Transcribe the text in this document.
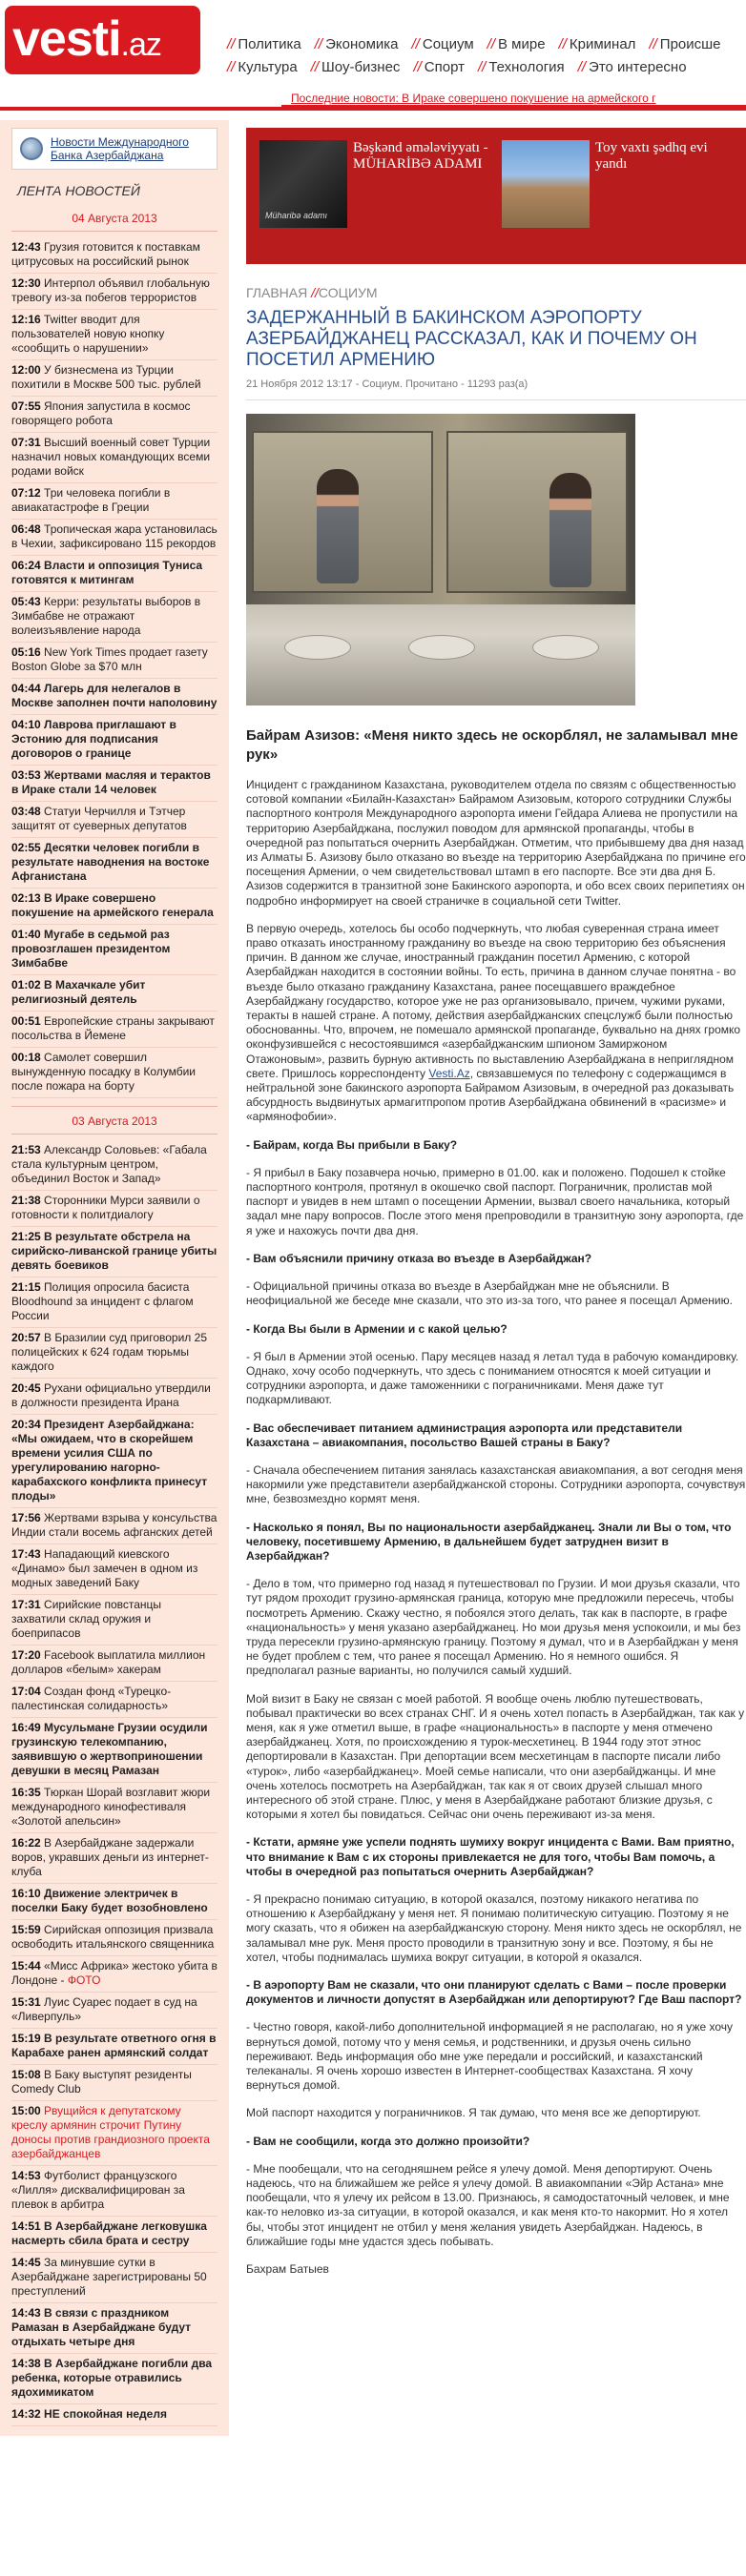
vesti.az	// Политика // Экономика // Социум // В мире // Криминал // Происше
// Культура // Шоу-бизнес // Спорт // Технология // Это интересно
Последние новости: В Ираке совершено покушение на армейского г
Новости Международного Банка Азербайджана
ЛЕНТА НОВОСТЕЙ
04 Августа 2013
12:43 Грузия готовится к поставкам цитрусовых на российский рынок
12:30 Интерпол объявил глобальную тревогу из-за побегов террористов
12:16 Twitter вводит для пользователей новую кнопку «сообщить о нарушении»
12:00 У бизнесмена из Турции похитили в Москве 500 тыс. рублей
07:55 Япония запустила в космос говорящего робота
07:31 Высший военный совет Турции назначил новых командующих всеми родами войск
07:12 Три человека погибли в авиакатастрофе в Греции
06:48 Тропическая жара установилась в Чехии, зафиксировано 115 рекордов
06:24 Власти и оппозиция Туниса готовятся к митингам
05:43 Керри: результаты выборов в Зимбабве не отражают волеизъявление народа
05:16 New York Times продает газету Boston Globe за $70 млн
04:44 Лагерь для нелегалов в Москве заполнен почти наполовину
04:10 Лаврова приглашают в Эстонию для подписания договоров о границе
03:53 Жертвами масляя и терактов в Ираке стали 14 человек
03:48 Статуи Черчилля и Тэтчер защитят от суеверных депутатов
02:55 Десятки человек погибли в результате наводнения на востоке Афганистана
02:13 В Ираке совершено покушение на армейского генерала
01:40 Мугабе в седьмой раз провозглашен президентом Зимбабве
01:02 В Махачкале убит религиозный деятель
00:51 Европейские страны закрывают посольства в Йемене
00:18 Самолет совершил вынужденную посадку в Колумбии после пожара на борту
03 Августа 2013
21:53 Александр Соловьев: «Габала стала культурным центром, объединил Восток и Запад»
21:38 Сторонники Мурси заявили о готовности к политдиалогу
21:25 В результате обстрела на сирийско-ливанской границе убиты девять боевиков
21:15 Полиция опросила басиста Bloodhound за инцидент с флагом России
20:57 В Бразилии суд приговорил 25 полицейских к 624 годам тюрьмы каждого
20:45 Рухани официально утвердили в должности президента Ирана
20:34 Президент Азербайджана: «Мы ожидаем, что в скорейшем времени усилия США по урегулированию нагорно-карабахского конфликта принесут плоды»
17:56 Жертвами взрыва у консульства Индии стали восемь афганских детей
17:43 Нападающий киевского «Динамо» был замечен в одном из модных заведений Баку
17:31 Сирийские повстанцы захватили склад оружия и боеприпасов
17:20 Facebook выплатила миллион долларов «белым» хакерам
17:04 Создан фонд «Турецко-палестинская солидарность»
16:49 Мусульмане Грузии осудили грузинскую телекомпанию, заявившую о жертвоприношении девушки в месяц Рамазан
16:35 Тюркан Шорай возглавит жюри международного кинофестиваля «Золотой апельсин»
16:22 В Азербайджане задержали воров, укравших деньги из интернет-клуба
16:10 Движение электричек в поселки Баку будет возобновлено
15:59 Сирийская оппозиция призвала освободить итальянского священника
15:44 «Мисс Африка» жестоко убита в Лондоне - ФОТО
15:31 Луис Суарес подает в суд на «Ливерпуль»
15:19 В результате ответного огня в Карабахе ранен армянский солдат
15:08 В Баку выступят резиденты Comedy Club
15:00 Рвущийся к депутатскому креслу армянин строчит Путину доносы против грандиозного проекта азербайджанцев
14:53 Футболист французского «Лилля» дисквалифицирован за плевок в арбитра
14:51 В Азербайджане легковушка насмерть сбила брата и сестру
14:45 За минувшие сутки в Азербайджане зарегистрированы 50 преступлений
14:43 В связи с праздником Рамазан в Азербайджане будут отдыхать четыре дня
14:38 В Азербайджане погибли два ребенка, которые отравились ядохимикатом
14:32 НЕ спокойная неделя
Müharibə adamı
Bəşkənd əmələviyyatı -MÜHARİBƏ ADAMI
Toy vaxtı şədhq evi yandı
ГЛАВНАЯ //СОЦИУМ
ЗАДЕРЖАННЫЙ В БАКИНСКОМ АЭРОПОРТУ АЗЕРБАЙДЖАНЕЦ РАССКАЗАЛ, КАК И ПОЧЕМУ ОН ПОСЕТИЛ АРМЕНИЮ
21 Ноября 2012 13:17 - Социум. Прочитано - 11293 раз(а)
Байрам Азизов: «Меня никто здесь не оскорблял, не заламывал мне рук»

Инцидент с гражданином Казахстана, руководителем отдела по связям с общественностью сотовой компании «Билайн-Казахстан» Байрамом Азизовым, которого сотрудники Службы паспортного контроля Международного аэропорта имени Гейдара Алиева не пропустили на территорию Азербайджана, послужил поводом для армянской пропаганды, чтобы в очередной раз попытаться очернить Азербайджан. Отметим, что прибывшему два дня назад из Алматы Б. Азизову было отказано во въезде на территорию Азербайджана по причине его посещения Армении, о чем свидетельствовал штамп в его паспорте. Все эти два дня Б. Азизов содержится в транзитной зоне Бакинского аэропорта, и обо всех своих перипетиях он подробно информирует на своей страничке в социальной сети Twitter.

В первую очередь, хотелось бы особо подчеркнуть, что любая суверенная страна имеет право отказать иностранному гражданину во въезде на свою территорию без объяснения причин. В данном же случае, иностранный гражданин посетил Армению, с которой Азербайджан находится в состоянии войны. То есть, причина в данном случае понятна - во въезде было отказано гражданину Казахстана, ранее посещавшего враждебное Азербайджану государство, которое уже не раз организовывало, причем, чужими руками, теракты в нашей стране. А потому, действия азербайджанских спецслужб были полностью обоснованны. Что, впрочем, не помешало армянской пропаганде, буквально на днях громко оконфузившейся с несостоявшимся «азербайджанским шпионом Замиржоном Отажоновым», развить бурную активность по выставлению Азербайджана в неприглядном свете. Пришлось корреспонденту Vesti.Az, связавшемуся по телефону с содержащимся в нейтральной зоне бакинского аэропорта Байрамом Азизовым, в очередной раз доказывать абсурдность выдвинутых армагитпропом против Азербайджана обвинений в «расизме» и «армянофобии».

- Байрам, когда Вы прибыли в Баку?

- Я прибыл в Баку позавчера ночью, примерно в 01.00. как и положено. Подошел к стойке паспортного контроля, протянул в окошечко свой паспорт. Пограничник, пролистав мой паспорт и увидев в нем штамп о посещении Армении, вызвал своего начальника, который задал мне пару вопросов. После этого меня препроводили в транзитную зону аэропорта, где я уже и нахожусь почти два дня.

- Вам объяснили причину отказа во въезде в Азербайджан?

- Официальной причины отказа во въезде в Азербайджан мне не объяснили. В неофициальной же беседе мне сказали, что это из-за того, что ранее я посещал Армению.

- Когда Вы были в Армении и с какой целью?

- Я был в Армении этой осенью. Пару месяцев назад я летал туда в рабочую командировку. Однако, хочу особо подчеркнуть, что здесь с пониманием относятся к моей ситуации и сотрудники аэропорта, и даже таможенники с пограничниками. Меня даже тут подкармливают.

- Вас обеспечивает питанием администрация аэропорта или представители Казахстана – авиакомпания, посольство Вашей страны в Баку?

- Сначала обеспечением питания занялась казахстанская авиакомпания, а вот сегодня меня накормили уже представители азербайджанской стороны. Сотрудники аэропорта, сочувствуя мне, безвозмездно кормят меня.

- Насколько я понял, Вы по национальности азербайджанец. Знали ли Вы о том, что человеку, посетившему Армению, в дальнейшем будет затруднен визит в Азербайджан?

- Дело в том, что примерно год назад я путешествовал по Грузии. И мои друзья сказали, что тут рядом проходит грузино-армянская граница, которую мне предложили пересечь, чтобы посмотреть Армению. Скажу честно, я побоялся этого делать, так как в паспорте, в графе «национальность» у меня указано азербайджанец. Но мои друзья меня успокоили, и мы без труда пересекли грузино-армянскую границу. Поэтому я думал, что и в Азербайджан у меня не будет проблем с тем, что ранее я посещал Армению. Но я немного ошибся. Я предполагал разные варианты, но получился самый худший.

Мой визит в Баку не связан с моей работой. Я вообще очень люблю путешествовать, побывал практически во всех странах СНГ. И я очень хотел попасть в Азербайджан, так как у меня, как я уже отметил выше, в графе «национальность» в паспорте у меня отмечено азербайджанец. Хотя, по происхождению я турок-месхетинец. В 1944 году этот этнос депортировали в Казахстан. При депортации всем месхетинцам в паспорте писали либо «турок», либо «азербайджанец». Моей семье написали, что они азербайджанцы. И мне очень хотелось посмотреть на Азербайджан, так как я от своих друзей слышал много интересного об этой стране. Плюс, у меня в Азербайджане работают близкие друзья, с которыми я хотел бы повидаться. Сейчас они очень переживают из-за меня.

- Кстати, армяне уже успели поднять шумиху вокруг инцидента с Вами. Вам приятно, что внимание к Вам с их стороны привлекается не для того, чтобы Вам помочь, а чтобы в очередной раз попытаться очернить Азербайджан?

- Я прекрасно понимаю ситуацию, в которой оказался, поэтому никакого негатива по отношению к Азербайджану у меня нет. Я понимаю политическую ситуацию. Поэтому я не могу сказать, что я обижен на азербайджанскую сторону. Меня никто здесь не оскорблял, не заламывал мне рук. Меня просто проводили в транзитную зону и все. Поэтому, я бы не хотел, чтобы поднималась шумиха вокруг ситуации, в которой я оказался.

- В аэропорту Вам не сказали, что они планируют сделать с Вами – после проверки документов и личности допустят в Азербайджан или депортируют? Где Ваш паспорт?

- Честно говоря, какой-либо дополнительной информацией я не располагаю, но я уже хочу вернуться домой, потому что у меня семья, и родственники, и друзья очень сильно переживают. Ведь информация обо мне уже передали и российский, и казахстанский телеканалы. Я очень хорошо известен в Интернет-сообществах Казахстана. Я хочу вернуться домой.

Мой паспорт находится у пограничников. Я так думаю, что меня все же депортируют.

- Вам не сообщили, когда это должно произойти?

- Мне пообещали, что на сегодняшнем рейсе я улечу домой. Меня депортируют. Очень надеюсь, что на ближайшем же рейсе я улечу домой. В авиакомпании «Эйр Астана» мне пообещали, что я улечу их рейсом в 13.00. Признаюсь, я самодостаточный человек, и мне как-то неловко из-за ситуации, в которой оказался, и как меня кто-то накормит. Но я хотел бы, чтобы этот инцидент не отбил у меня желания увидеть Азербайджан. Надеюсь, в ближайшие годы мне удастся здесь побывать.

Бахрам Батыев
